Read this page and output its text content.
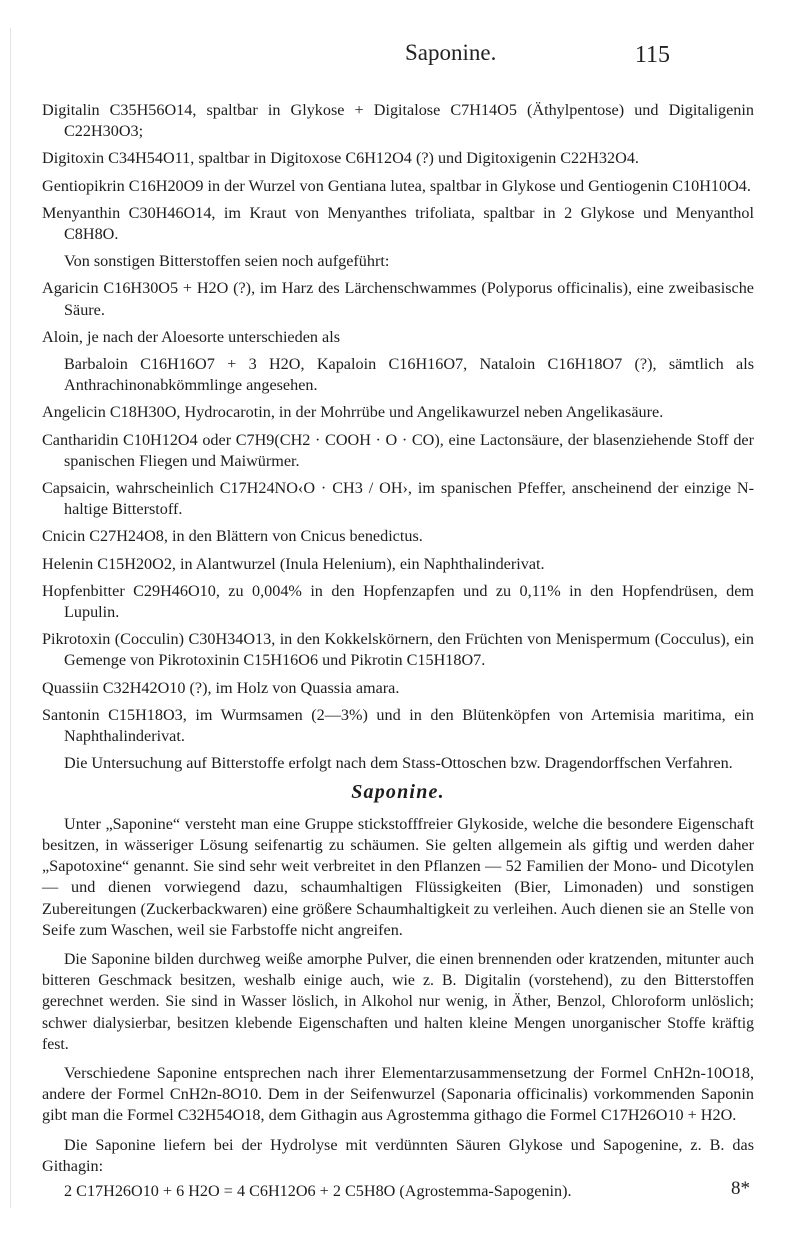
Saponine.	115

Digitalin C35H56O14, spaltbar in Glykose + Digitalose C7H14O5 (Äthylpentose) und Digitaligenin C22H30O3;

Digitoxin C34H54O11, spaltbar in Digitoxose C6H12O4 (?) und Digitoxigenin C22H32O4.

Gentiopikrin C16H20O9 in der Wurzel von Gentiana lutea, spaltbar in Glykose und Gentiogenin C10H10O4.

Menyanthin C30H46O14, im Kraut von Menyanthes trifoliata, spaltbar in 2 Glykose und Menyanthol C8H8O.

Von sonstigen Bitterstoffen seien noch aufgeführt:

Agaricin C16H30O5 + H2O (?), im Harz des Lärchenschwammes (Polyporus officinalis), eine zweibasische Säure.

Aloin, je nach der Aloesorte unterschieden als

Barbaloin C16H16O7 + 3 H2O, Kapaloin C16H16O7, Nataloin C16H18O7 (?), sämtlich als Anthrachinonabkömmlinge angesehen.

Angelicin C18H30O, Hydrocarotin, in der Mohrrübe und Angelikawurzel neben Angelikasäure.

Cantharidin C10H12O4 oder C7H9(CH2 · COOH · O · CO), eine Lactonsäure, der blasenziehende Stoff der spanischen Fliegen und Maiwürmer.

Capsaicin, wahrscheinlich C17H24NO‹O · CH3 / OH›, im spanischen Pfeffer, anscheinend der einzige N-haltige Bitterstoff.

Cnicin C27H24O8, in den Blättern von Cnicus benedictus.

Helenin C15H20O2, in Alantwurzel (Inula Helenium), ein Naphthalinderivat.

Hopfenbitter C29H46O10, zu 0,004% in den Hopfenzapfen und zu 0,11% in den Hopfendrüsen, dem Lupulin.

Pikrotoxin (Cocculin) C30H34O13, in den Kokkelskörnern, den Früchten von Menispermum (Cocculus), ein Gemenge von Pikrotoxinin C15H16O6 und Pikrotin C15H18O7.

Quassiin C32H42O10 (?), im Holz von Quassia amara.

Santonin C15H18O3, im Wurmsamen (2—3%) und in den Blütenköpfen von Artemisia maritima, ein Naphthalinderivat.

Die Untersuchung auf Bitterstoffe erfolgt nach dem Stass-Ottoschen bzw. Dragendorffschen Verfahren.

Saponine.

Unter „Saponine“ versteht man eine Gruppe stickstofffreier Glykoside, welche die besondere Eigenschaft besitzen, in wässeriger Lösung seifenartig zu schäumen. Sie gelten allgemein als giftig und werden daher „Sapotoxine“ genannt. Sie sind sehr weit verbreitet in den Pflanzen — 52 Familien der Mono- und Dicotylen — und dienen vorwiegend dazu, schaumhaltigen Flüssigkeiten (Bier, Limonaden) und sonstigen Zubereitungen (Zuckerbackwaren) eine größere Schaumhaltigkeit zu verleihen. Auch dienen sie an Stelle von Seife zum Waschen, weil sie Farbstoffe nicht angreifen.

Die Saponine bilden durchweg weiße amorphe Pulver, die einen brennenden oder kratzenden, mitunter auch bitteren Geschmack besitzen, weshalb einige auch, wie z. B. Digitalin (vorstehend), zu den Bitterstoffen gerechnet werden. Sie sind in Wasser löslich, in Alkohol nur wenig, in Äther, Benzol, Chloroform unlöslich; schwer dialysierbar, besitzen klebende Eigenschaften und halten kleine Mengen unorganischer Stoffe kräftig fest.

Verschiedene Saponine entsprechen nach ihrer Elementarzusammensetzung der Formel CnH2n-10O18, andere der Formel CnH2n-8O10. Dem in der Seifenwurzel (Saponaria officinalis) vorkommenden Saponin gibt man die Formel C32H54O18, dem Githagin aus Agrostemma githago die Formel C17H26O10 + H2O.

Die Saponine liefern bei der Hydrolyse mit verdünnten Säuren Glykose und Sapogenine, z. B. das Githagin:

2 C17H26O10 + 6 H2O = 4 C6H12O6 + 2 C5H8O (Agrostemma-Sapogenin).	8*
